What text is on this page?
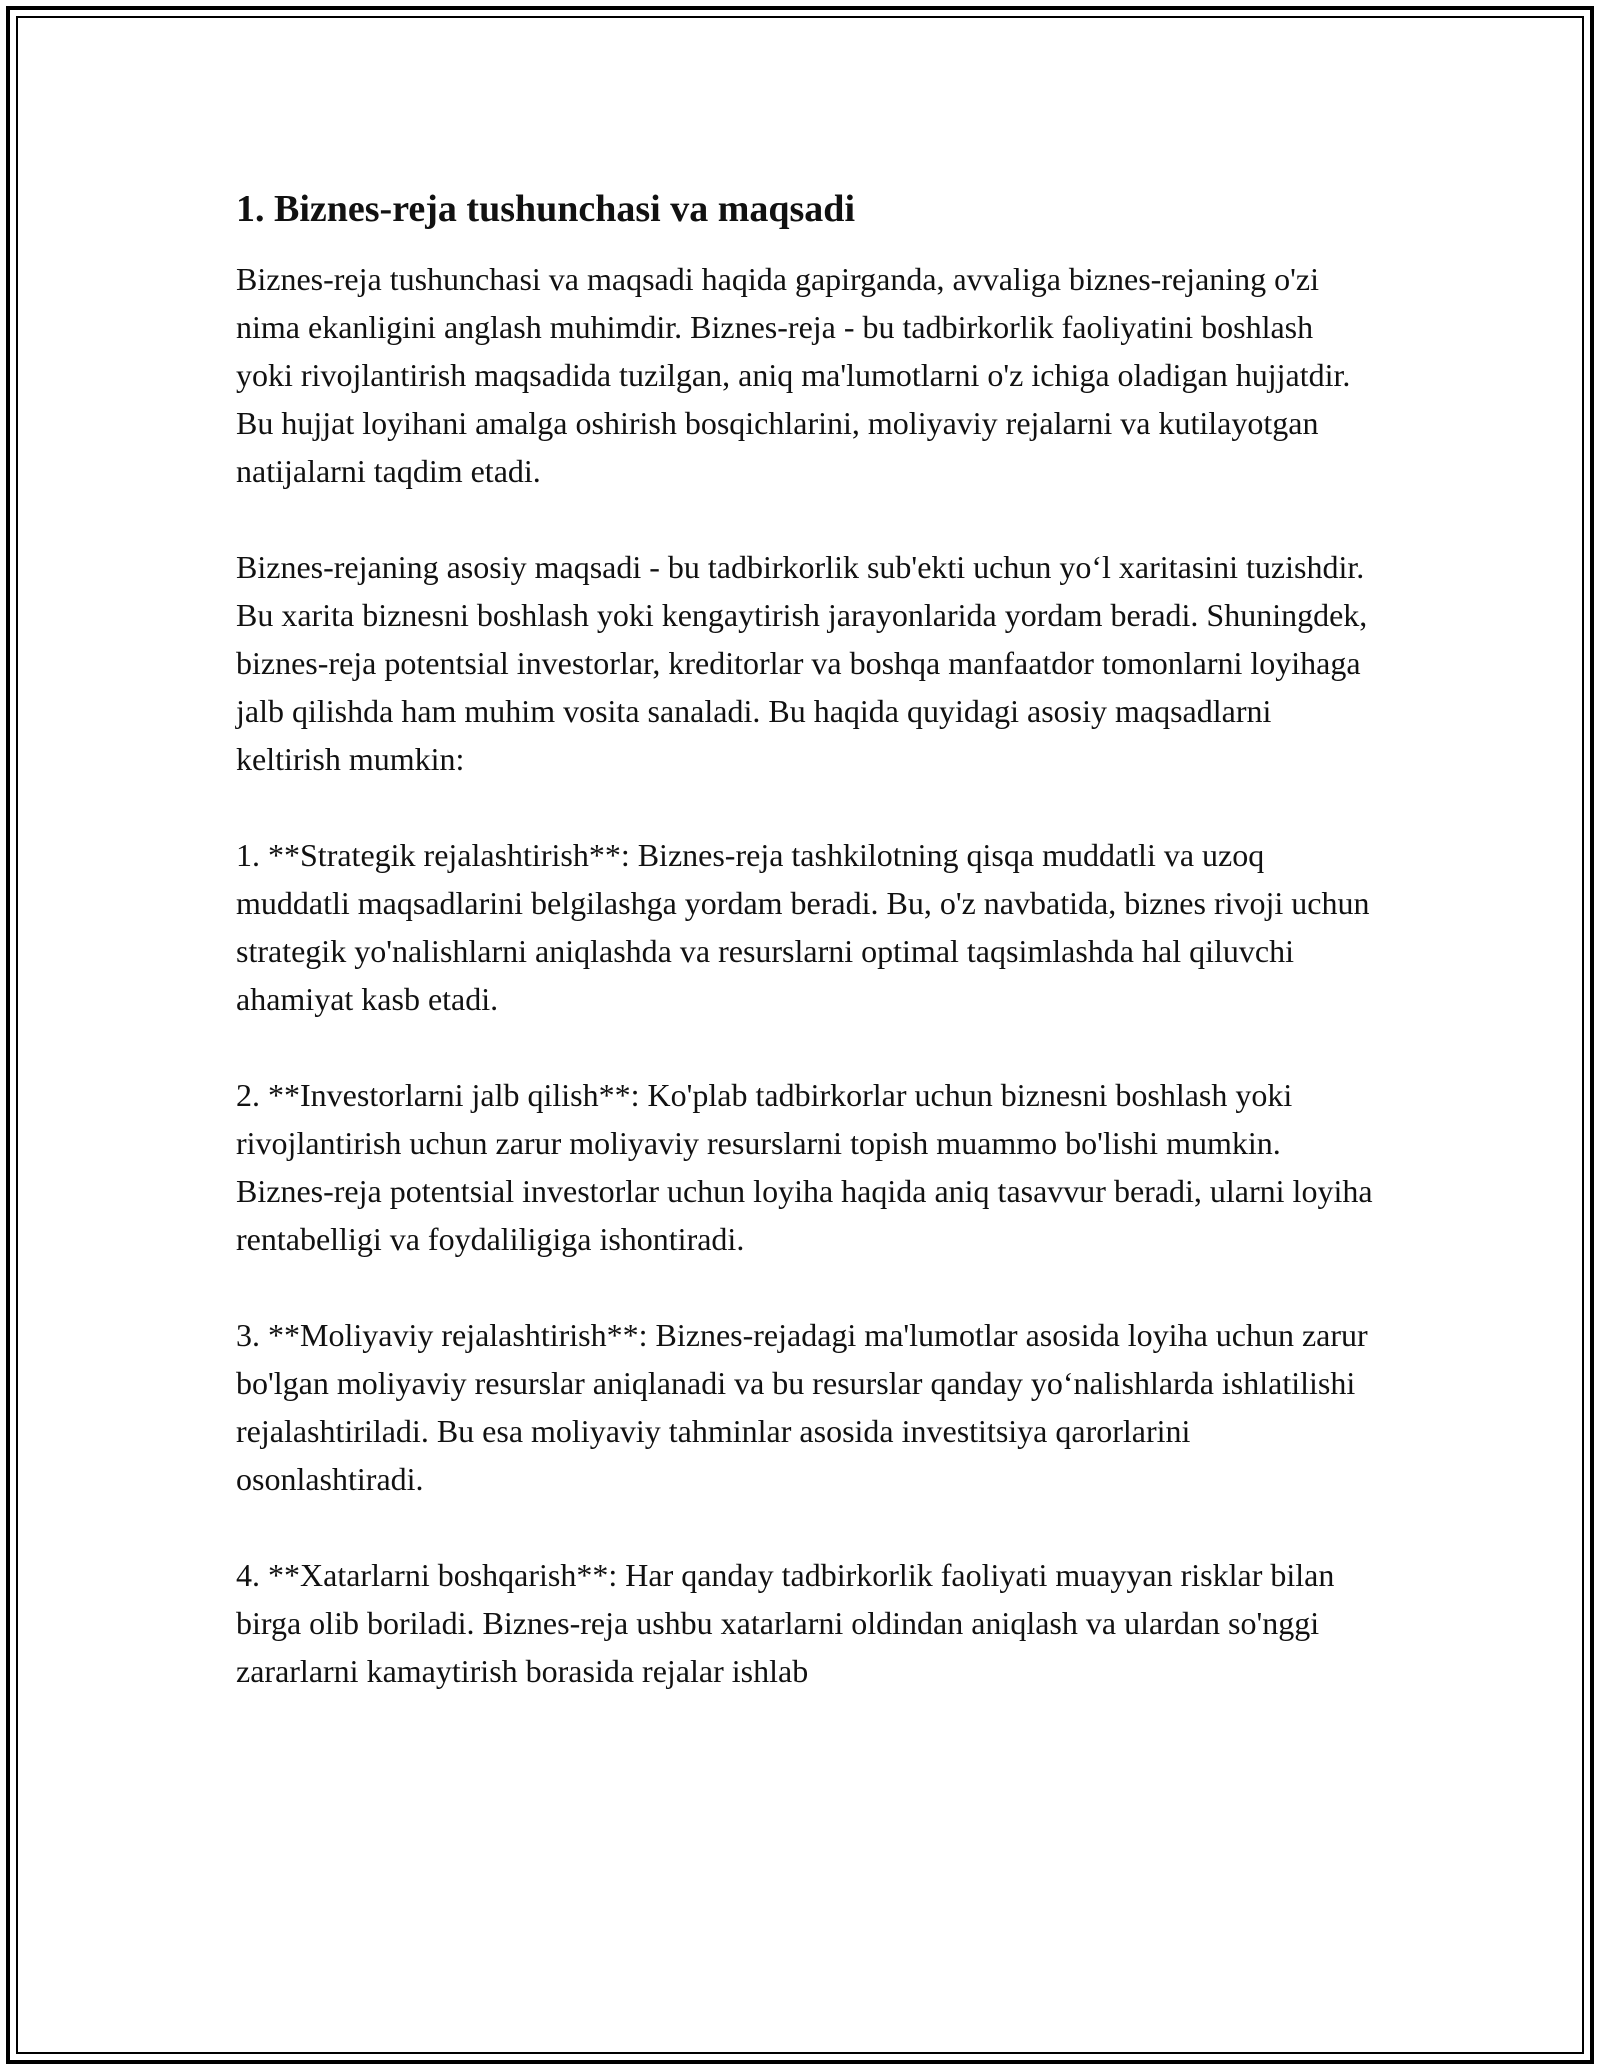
1. Biznes-reja tushunchasi va maqsadi

Biznes-reja tushunchasi va maqsadi haqida gapirganda, avvaliga biznes-rejaning o'zi nima ekanligini anglash muhimdir. Biznes-reja - bu tadbirkorlik faoliyatini boshlash yoki rivojlantirish maqsadida tuzilgan, aniq ma'lumotlarni o'z ichiga oladigan hujjatdir. Bu hujjat loyihani amalga oshirish bosqichlarini, moliyaviy rejalarni va kutilayotgan natijalarni taqdim etadi.

Biznes-rejaning asosiy maqsadi - bu tadbirkorlik sub'ekti uchun yo‘l xaritasini tuzishdir. Bu xarita biznesni boshlash yoki kengaytirish jarayonlarida yordam beradi. Shuningdek, biznes-reja potentsial investorlar, kreditorlar va boshqa manfaatdor tomonlarni loyihaga jalb qilishda ham muhim vosita sanaladi. Bu haqida quyidagi asosiy maqsadlarni keltirish mumkin:

1. **Strategik rejalashtirish**: Biznes-reja tashkilotning qisqa muddatli va uzoq muddatli maqsadlarini belgilashga yordam beradi. Bu, o'z navbatida, biznes rivoji uchun strategik yo'nalishlarni aniqlashda va resurslarni optimal taqsimlashda hal qiluvchi ahamiyat kasb etadi.

2. **Investorlarni jalb qilish**: Ko'plab tadbirkorlar uchun biznesni boshlash yoki rivojlantirish uchun zarur moliyaviy resurslarni topish muammo bo'lishi mumkin. Biznes-reja potentsial investorlar uchun loyiha haqida aniq tasavvur beradi, ularni loyiha rentabelligi va foydaliligiga ishontiradi.

3. **Moliyaviy rejalashtirish**: Biznes-rejadagi ma'lumotlar asosida loyiha uchun zarur bo'lgan moliyaviy resurslar aniqlanadi va bu resurslar qanday yo‘nalishlarda ishlatilishi rejalashtiriladi. Bu esa moliyaviy tahminlar asosida investitsiya qarorlarini osonlashtiradi.

4. **Xatarlarni boshqarish**: Har qanday tadbirkorlik faoliyati muayyan risklar bilan birga olib boriladi. Biznes-reja ushbu xatarlarni oldindan aniqlash va ulardan so'nggi zararlarni kamaytirish borasida rejalar ishlab
